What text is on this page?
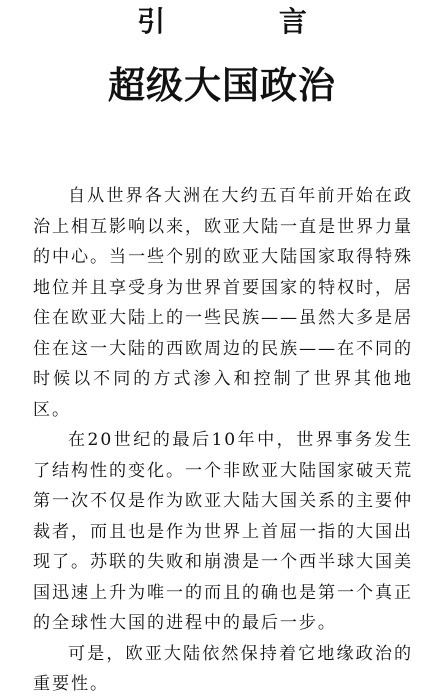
引 言
超级大国政治

自从世界各大洲在大约五百年前开始在政治上相互影响以来，欧亚大陆一直是世界力量的中心。当一些个别的欧亚大陆国家取得特殊地位并且享受身为世界首要国家的特权时，居住在欧亚大陆上的一些民族——虽然大多是居住在这一大陆的西欧周边的民族——在不同的时候以不同的方式渗入和控制了世界其他地区。

在20世纪的最后10年中，世界事务发生了结构性的变化。一个非欧亚大陆国家破天荒第一次不仅是作为欧亚大陆大国关系的主要仲裁者，而且也是作为世界上首屈一指的大国出现了。苏联的失败和崩溃是一个西半球大国美国迅速上升为唯一的而且的确也是第一个真正的全球性大国的进程中的最后一步。

可是，欧亚大陆依然保持着它地缘政治的重要性。
